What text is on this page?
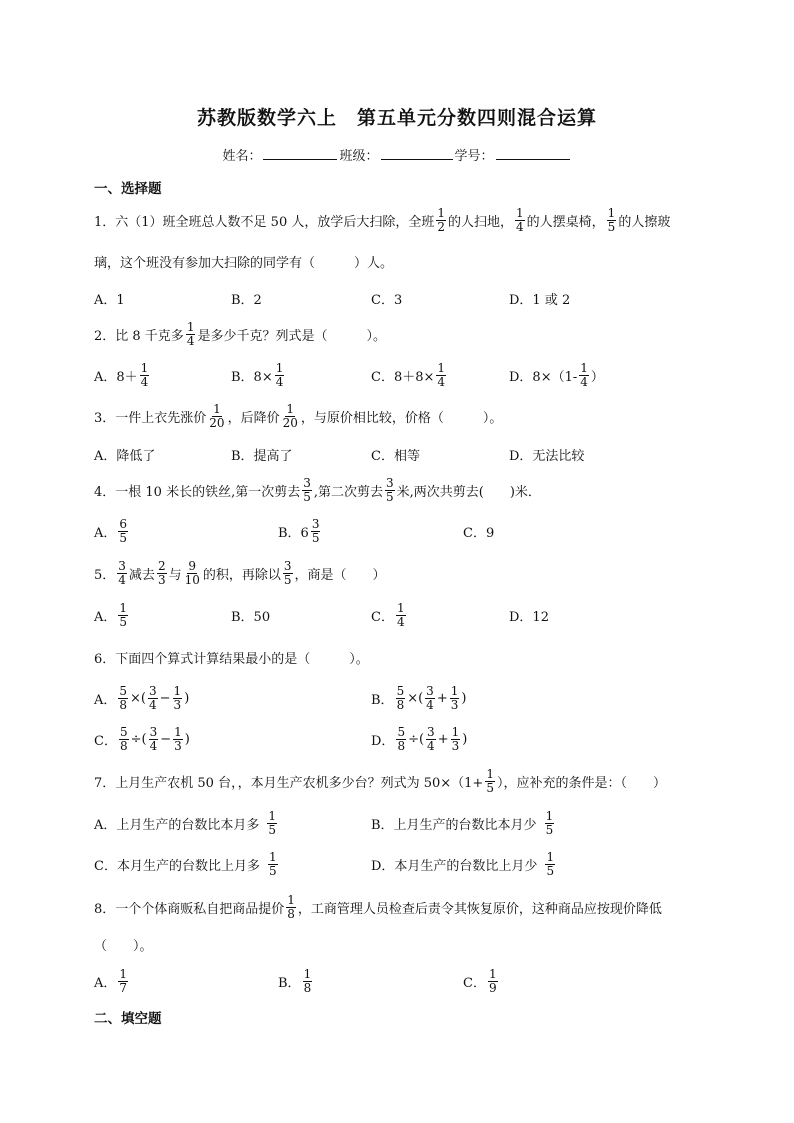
苏教版数学六上　第五单元分数四则混合运算
姓名：	班级：	学号：
一、选择题
1．六（1）班全班总人数不足 50 人，放学后大扫除，全班 $\frac{1}{2}$ 的人扫地， $\frac{1}{4}$ 的人摆桌椅， $\frac{1}{5}$ 的人擦玻
璃，这个班没有参加大扫除的同学有（　　　）人。
A．1	B．2	C．3	D．1 或 2
2．比 8 千克多 $\frac{1}{4}$ 是多少千克？列式是（　　　）。
A．$8+ \frac{1}{4}$	B．$8\times \frac{1}{4}$	C．$8+8\times \frac{1}{4}$	D．$8\times(1- \frac{1}{4}$ ）
3．一件上衣先涨价 $\frac{1}{20}$ ，后降价 $\frac{1}{20}$ ，与原价相比较，价格（　　　）。
A．降低了	B．提高了	C．相等	D．无法比较
4．一根 10 米长的铁丝,第一次剪去 $\frac{3}{5}$ ,第二次剪去 $\frac{3}{5}$ 米,两次共剪去(　　)米．
A． $\frac{6}{5}$	B．$6 \frac{3}{5}$	C．9
5． $\frac{3}{4}$ 减去 $\frac{2}{3}$ 与 $\frac{9}{10}$ 的积，再除以 $\frac{3}{5}$ ，商是（　　）
A． $\frac{1}{5}$	B．50	C． $\frac{1}{4}$	D．12
6．下面四个算式计算结果最小的是（　　　）。
A． $\frac{5}{8}$ ×( $\frac{3}{4} - \frac{1}{3}$ )	B． $\frac{5}{8}$ ×( $\frac{3}{4} + \frac{1}{3}$ )
C． $\frac{5}{8}$ ÷( $\frac{3}{4} - \frac{1}{3}$ )	D． $\frac{5}{8}$ ÷( $\frac{3}{4} + \frac{1}{3}$ )
7．上月生产农机 50 台，，本月生产农机多少台？列式为 $50\times(1+ \frac{1}{5}$ ），应补充的条件是：（　　）
A．上月生产的台数比本月多 $\frac{1}{5}$	B．上月生产的台数比本月少 $\frac{1}{5}$
C．本月生产的台数比上月多 $\frac{1}{5}$	D．本月生产的台数比上月少 $\frac{1}{5}$
8．一个个体商贩私自把商品提价 $\frac{1}{8}$ ，工商管理人员检查后责令其恢复原价，这种商品应按现价降低
（　　）。
A． $\frac{1}{7}$	B． $\frac{1}{8}$	C． $\frac{1}{9}$
二、填空题
